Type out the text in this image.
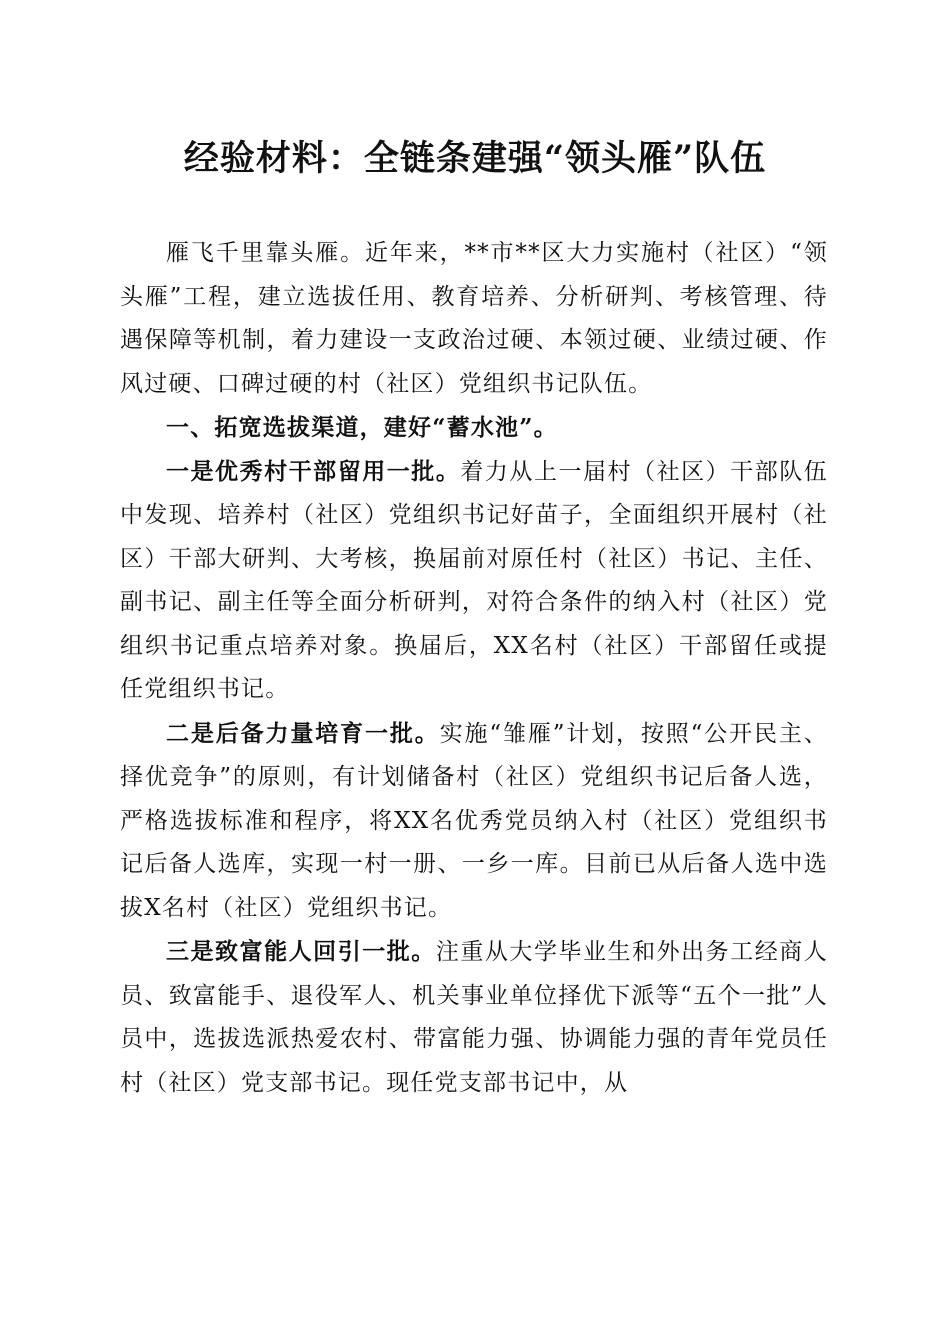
经验材料：全链条建强“领头雁”队伍

雁飞千里靠头雁。近年来，**市**区大力实施村（社区）“领头雁”工程，建立选拔任用、教育培养、分析研判、考核管理、待遇保障等机制，着力建设一支政治过硬、本领过硬、业绩过硬、作风过硬、口碑过硬的村（社区）党组织书记队伍。

一、拓宽选拔渠道，建好“蓄水池”。

一是优秀村干部留用一批。着力从上一届村（社区）干部队伍中发现、培养村（社区）党组织书记好苗子，全面组织开展村（社区）干部大研判、大考核，换届前对原任村（社区）书记、主任、副书记、副主任等全面分析研判，对符合条件的纳入村（社区）党组织书记重点培养对象。换届后，XX名村（社区）干部留任或提任党组织书记。

二是后备力量培育一批。实施“雏雁”计划，按照“公开民主、择优竞争”的原则，有计划储备村（社区）党组织书记后备人选，严格选拔标准和程序，将XX名优秀党员纳入村（社区）党组织书记后备人选库，实现一村一册、一乡一库。目前已从后备人选中选拔X名村（社区）党组织书记。

三是致富能人回引一批。注重从大学毕业生和外出务工经商人员、致富能手、退役军人、机关事业单位择优下派等“五个一批”人员中，选拔选派热爱农村、带富能力强、协调能力强的青年党员任村（社区）党支部书记。现任党支部书记中，从
